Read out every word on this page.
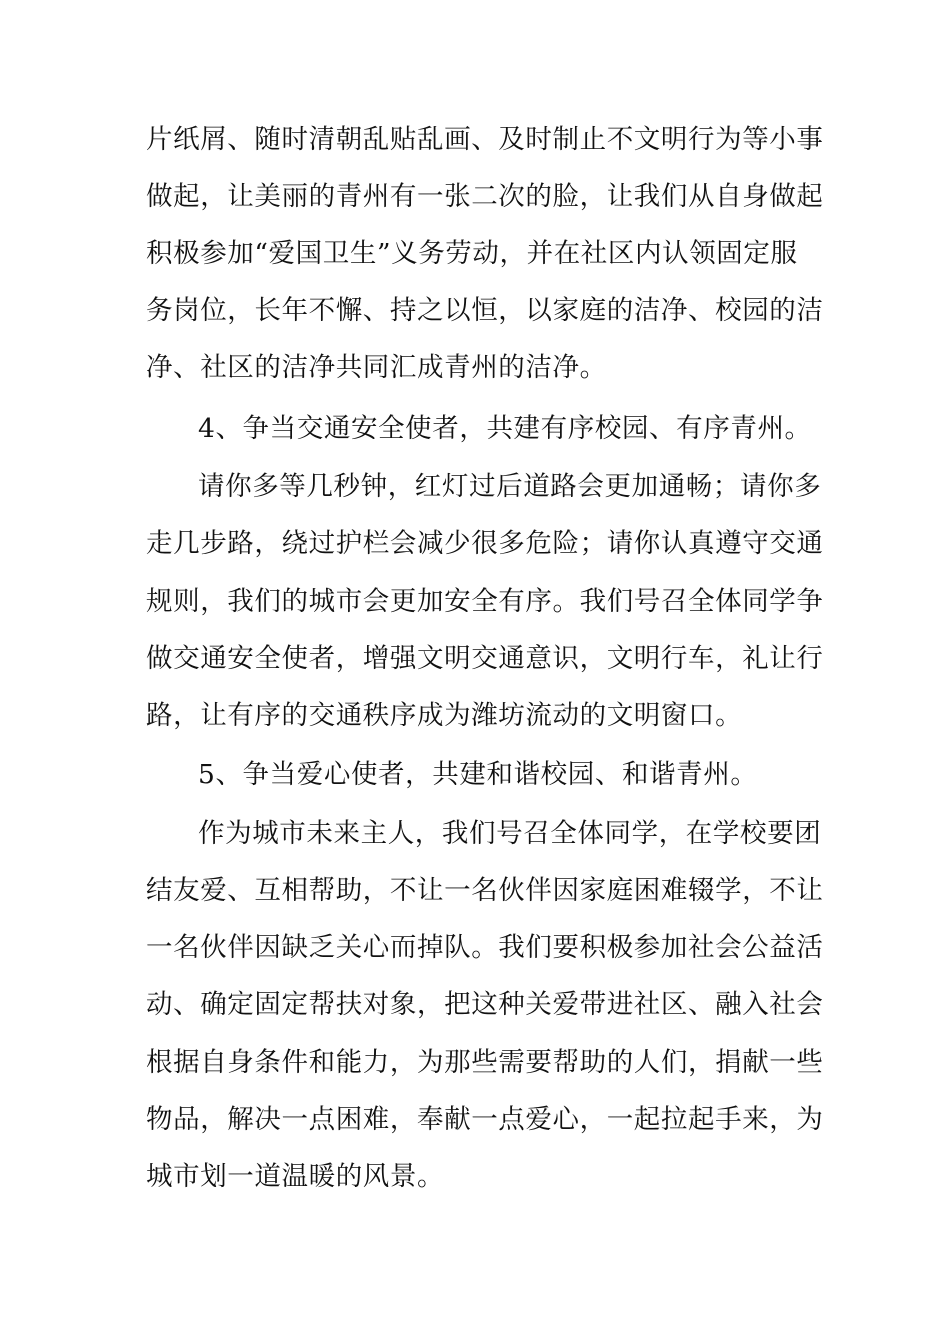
片纸屑、随时清朝乱贴乱画、及时制止不文明行为等小事
做起，让美丽的青州有一张二次的脸，让我们从自身做起
积极参加“爱国卫生”义务劳动，并在社区内认领固定服
务岗位，长年不懈、持之以恒，以家庭的洁净、校园的洁
净、社区的洁净共同汇成青州的洁净。
4、争当交通安全使者，共建有序校园、有序青州。
请你多等几秒钟，红灯过后道路会更加通畅；请你多
走几步路，绕过护栏会减少很多危险；请你认真遵守交通
规则，我们的城市会更加安全有序。我们号召全体同学争
做交通安全使者，增强文明交通意识，文明行车，礼让行
路，让有序的交通秩序成为潍坊流动的文明窗口。
5、争当爱心使者，共建和谐校园、和谐青州。
作为城市未来主人，我们号召全体同学，在学校要团
结友爱、互相帮助，不让一名伙伴因家庭困难辍学，不让
一名伙伴因缺乏关心而掉队。我们要积极参加社会公益活
动、确定固定帮扶对象，把这种关爱带进社区、融入社会
根据自身条件和能力，为那些需要帮助的人们，捐献一些
物品，解决一点困难，奉献一点爱心，一起拉起手来，为
城市划一道温暖的风景。
